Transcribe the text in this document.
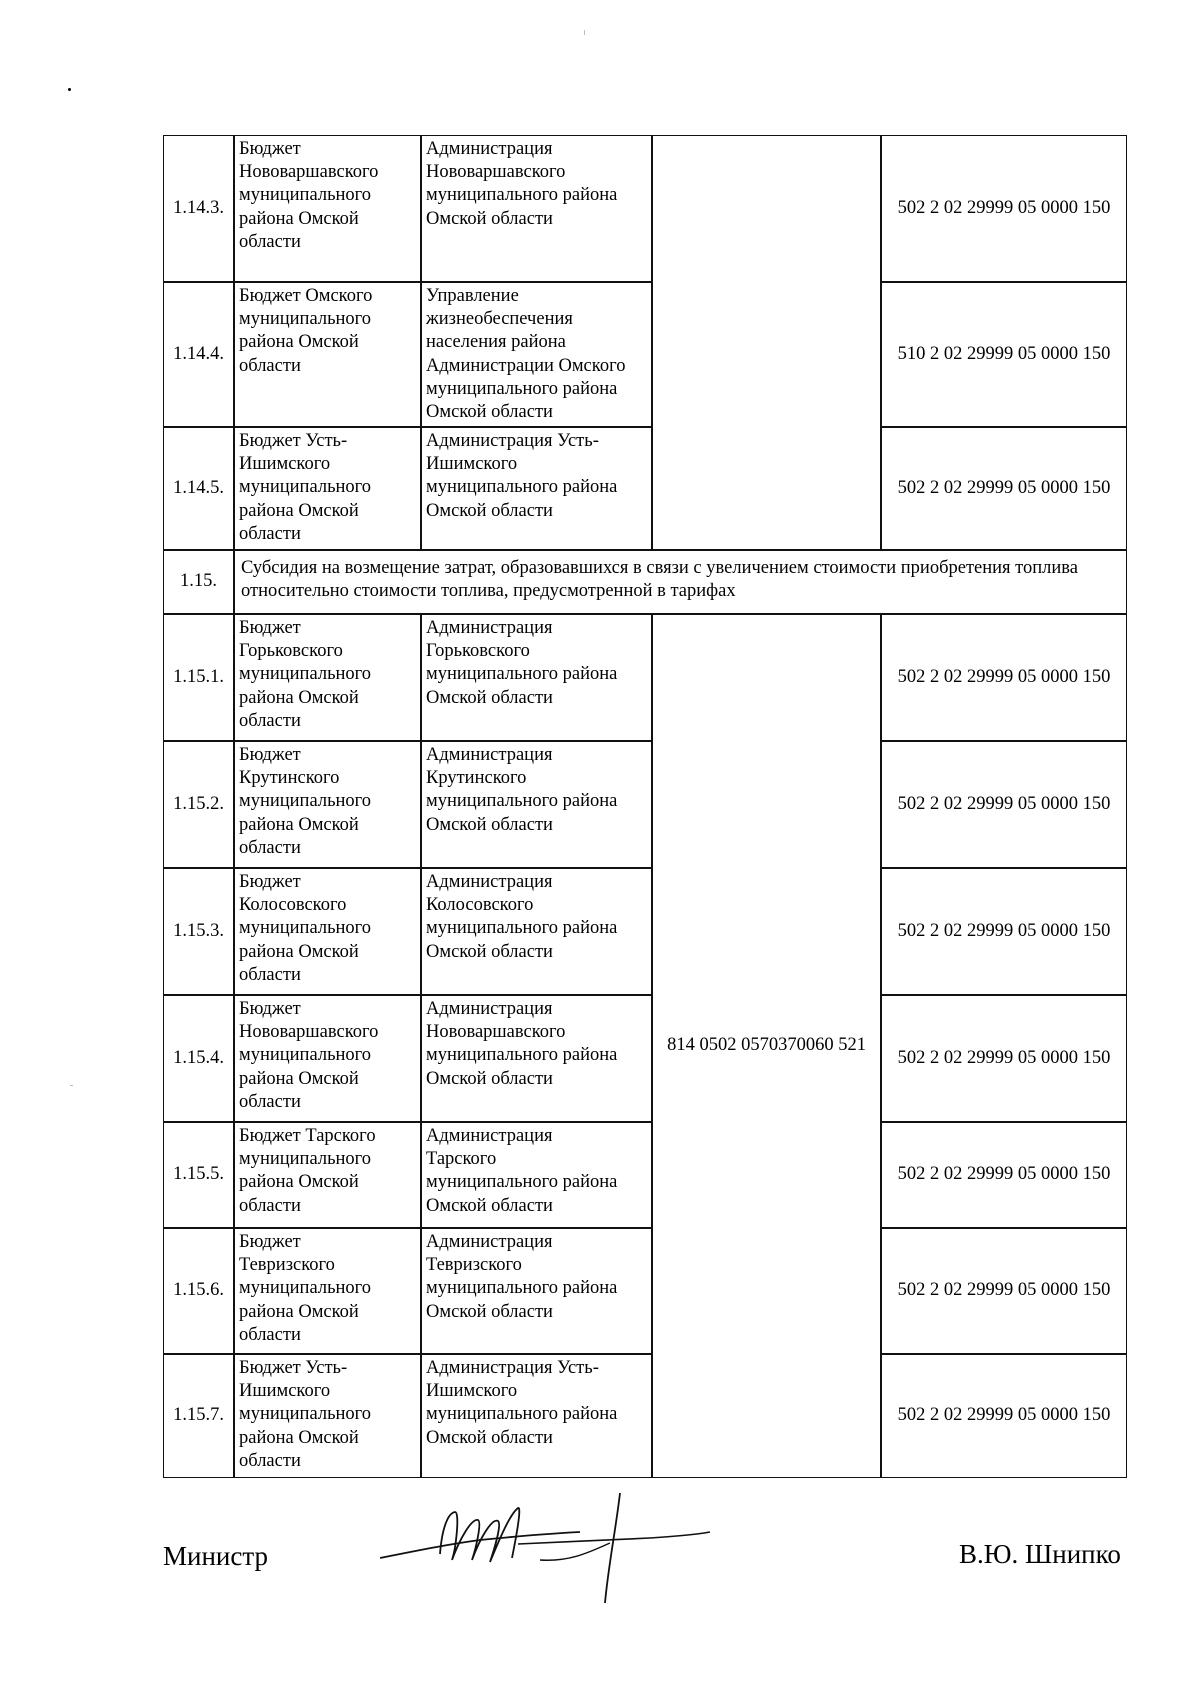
1.14.3.
Бюджет
Нововаршавского
муниципального
района Омской
области
Администрация
Нововаршавского
муниципального района
Омской области
502 2 02 29999 05 0000 150
1.14.4.
Бюджет Омского
муниципального
района Омской
области
Управление
жизнеобеспечения
населения района
Администрации Омского
муниципального района
Омской области
510 2 02 29999 05 0000 150
1.14.5.
Бюджет Усть-
Ишимского
муниципального
района Омской
области
Администрация Усть-
Ишимского
муниципального района
Омской области
502 2 02 29999 05 0000 150
1.15.
Субсидия на возмещение затрат, образовавшихся в связи с увеличением стоимости приобретения топлива относительно стоимости топлива, предусмотренной в тарифах
1.15.1.
Бюджет
Горьковского
муниципального
района Омской
области
Администрация
Горьковского
муниципального района
Омской области
502 2 02 29999 05 0000 150
1.15.2.
Бюджет
Крутинского
муниципального
района Омской
области
Администрация
Крутинского
муниципального района
Омской области
502 2 02 29999 05 0000 150
1.15.3.
Бюджет
Колосовского
муниципального
района Омской
области
Администрация
Колосовского
муниципального района
Омской области
502 2 02 29999 05 0000 150
1.15.4.
Бюджет
Нововаршавского
муниципального
района Омской
области
Администрация
Нововаршавского
муниципального района
Омской области
502 2 02 29999 05 0000 150
1.15.5.
Бюджет Тарского
муниципального
района Омской
области
Администрация
Тарского
муниципального района
Омской области
502 2 02 29999 05 0000 150
1.15.6.
Бюджет
Тевризского
муниципального
района Омской
области
Администрация
Тевризского
муниципального района
Омской области
502 2 02 29999 05 0000 150
1.15.7.
Бюджет Усть-
Ишимского
муниципального
района Омской
области
Администрация Усть-
Ишимского
муниципального района
Омской области
502 2 02 29999 05 0000 150
814 0502 0570370060 521
Министр	В.Ю. Шнипко
